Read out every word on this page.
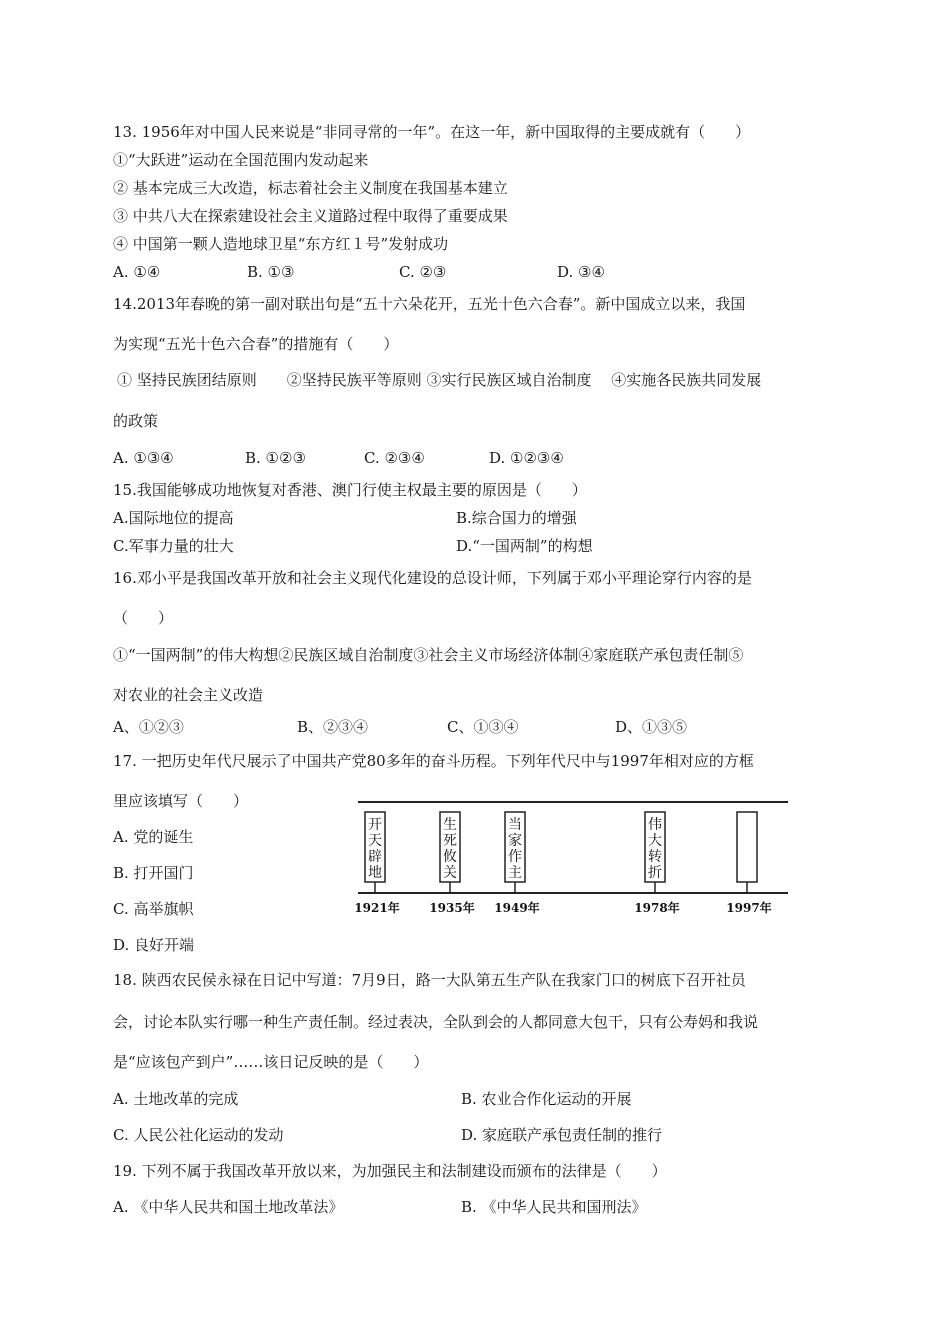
13. 1956年对中国人民来说是“非同寻常的一年”。在这一年，新中国取得的主要成就有（　　）
①“大跃进”运动在全国范围内发动起来
② 基本完成三大改造，标志着社会主义制度在我国基本建立
③ 中共八大在探索建设社会主义道路过程中取得了重要成果
④ 中国第一颗人造地球卫星“东方红１号”发射成功
A. ①④	B. ①③	C. ②③	D. ③④
14.2013年春晚的第一副对联出句是“五十六朵花开，五光十色六合春”。新中国成立以来，我国
为实现“五光十色六合春”的措施有（　　）
① 坚持民族团结原则　　②坚持民族平等原则 ③实行民族区域自治制度　 ④实施各民族共同发展
的政策
A. ①③④	B. ①②③	C. ②③④	D. ①②③④
15.我国能够成功地恢复对香港、澳门行使主权最主要的原因是（　　）
A.国际地位的提高	B.综合国力的增强
C.军事力量的壮大	D.“一国两制”的构想
16.邓小平是我国改革开放和社会主义现代化建设的总设计师，下列属于邓小平理论穿行内容的是
（　　）
①“一国两制”的伟大构想②民族区域自治制度③社会主义市场经济体制④家庭联产承包责任制⑤
对农业的社会主义改造
A、①②③	B、②③④	C、①③④	D、①③⑤
17. 一把历史年代尺展示了中国共产党80多年的奋斗历程。下列年代尺中与1997年相对应的方框
里应该填写（　　）
A. 党的诞生
B. 打开国门
C. 高举旗帜
D. 良好开端
开
天
辟
地
1921年
生
死
攸
关
1935年
当
家
作
主
1949年
伟
大
转
折
1978年	1997年
18. 陕西农民侯永禄在日记中写道：7月9日，路一大队第五生产队在我家门口的树底下召开社员
会，讨论本队实行哪一种生产责任制。经过表决，全队到会的人都同意大包干，只有公寿妈和我说
是“应该包产到户”……该日记反映的是（　　）
A. 土地改革的完成	B. 农业合作化运动的开展
C. 人民公社化运动的发动	D. 家庭联产承包责任制的推行
19. 下列不属于我国改革开放以来，为加强民主和法制建设而颁布的法律是（　　）
A. 《中华人民共和国土地改革法》	B. 《中华人民共和国刑法》
